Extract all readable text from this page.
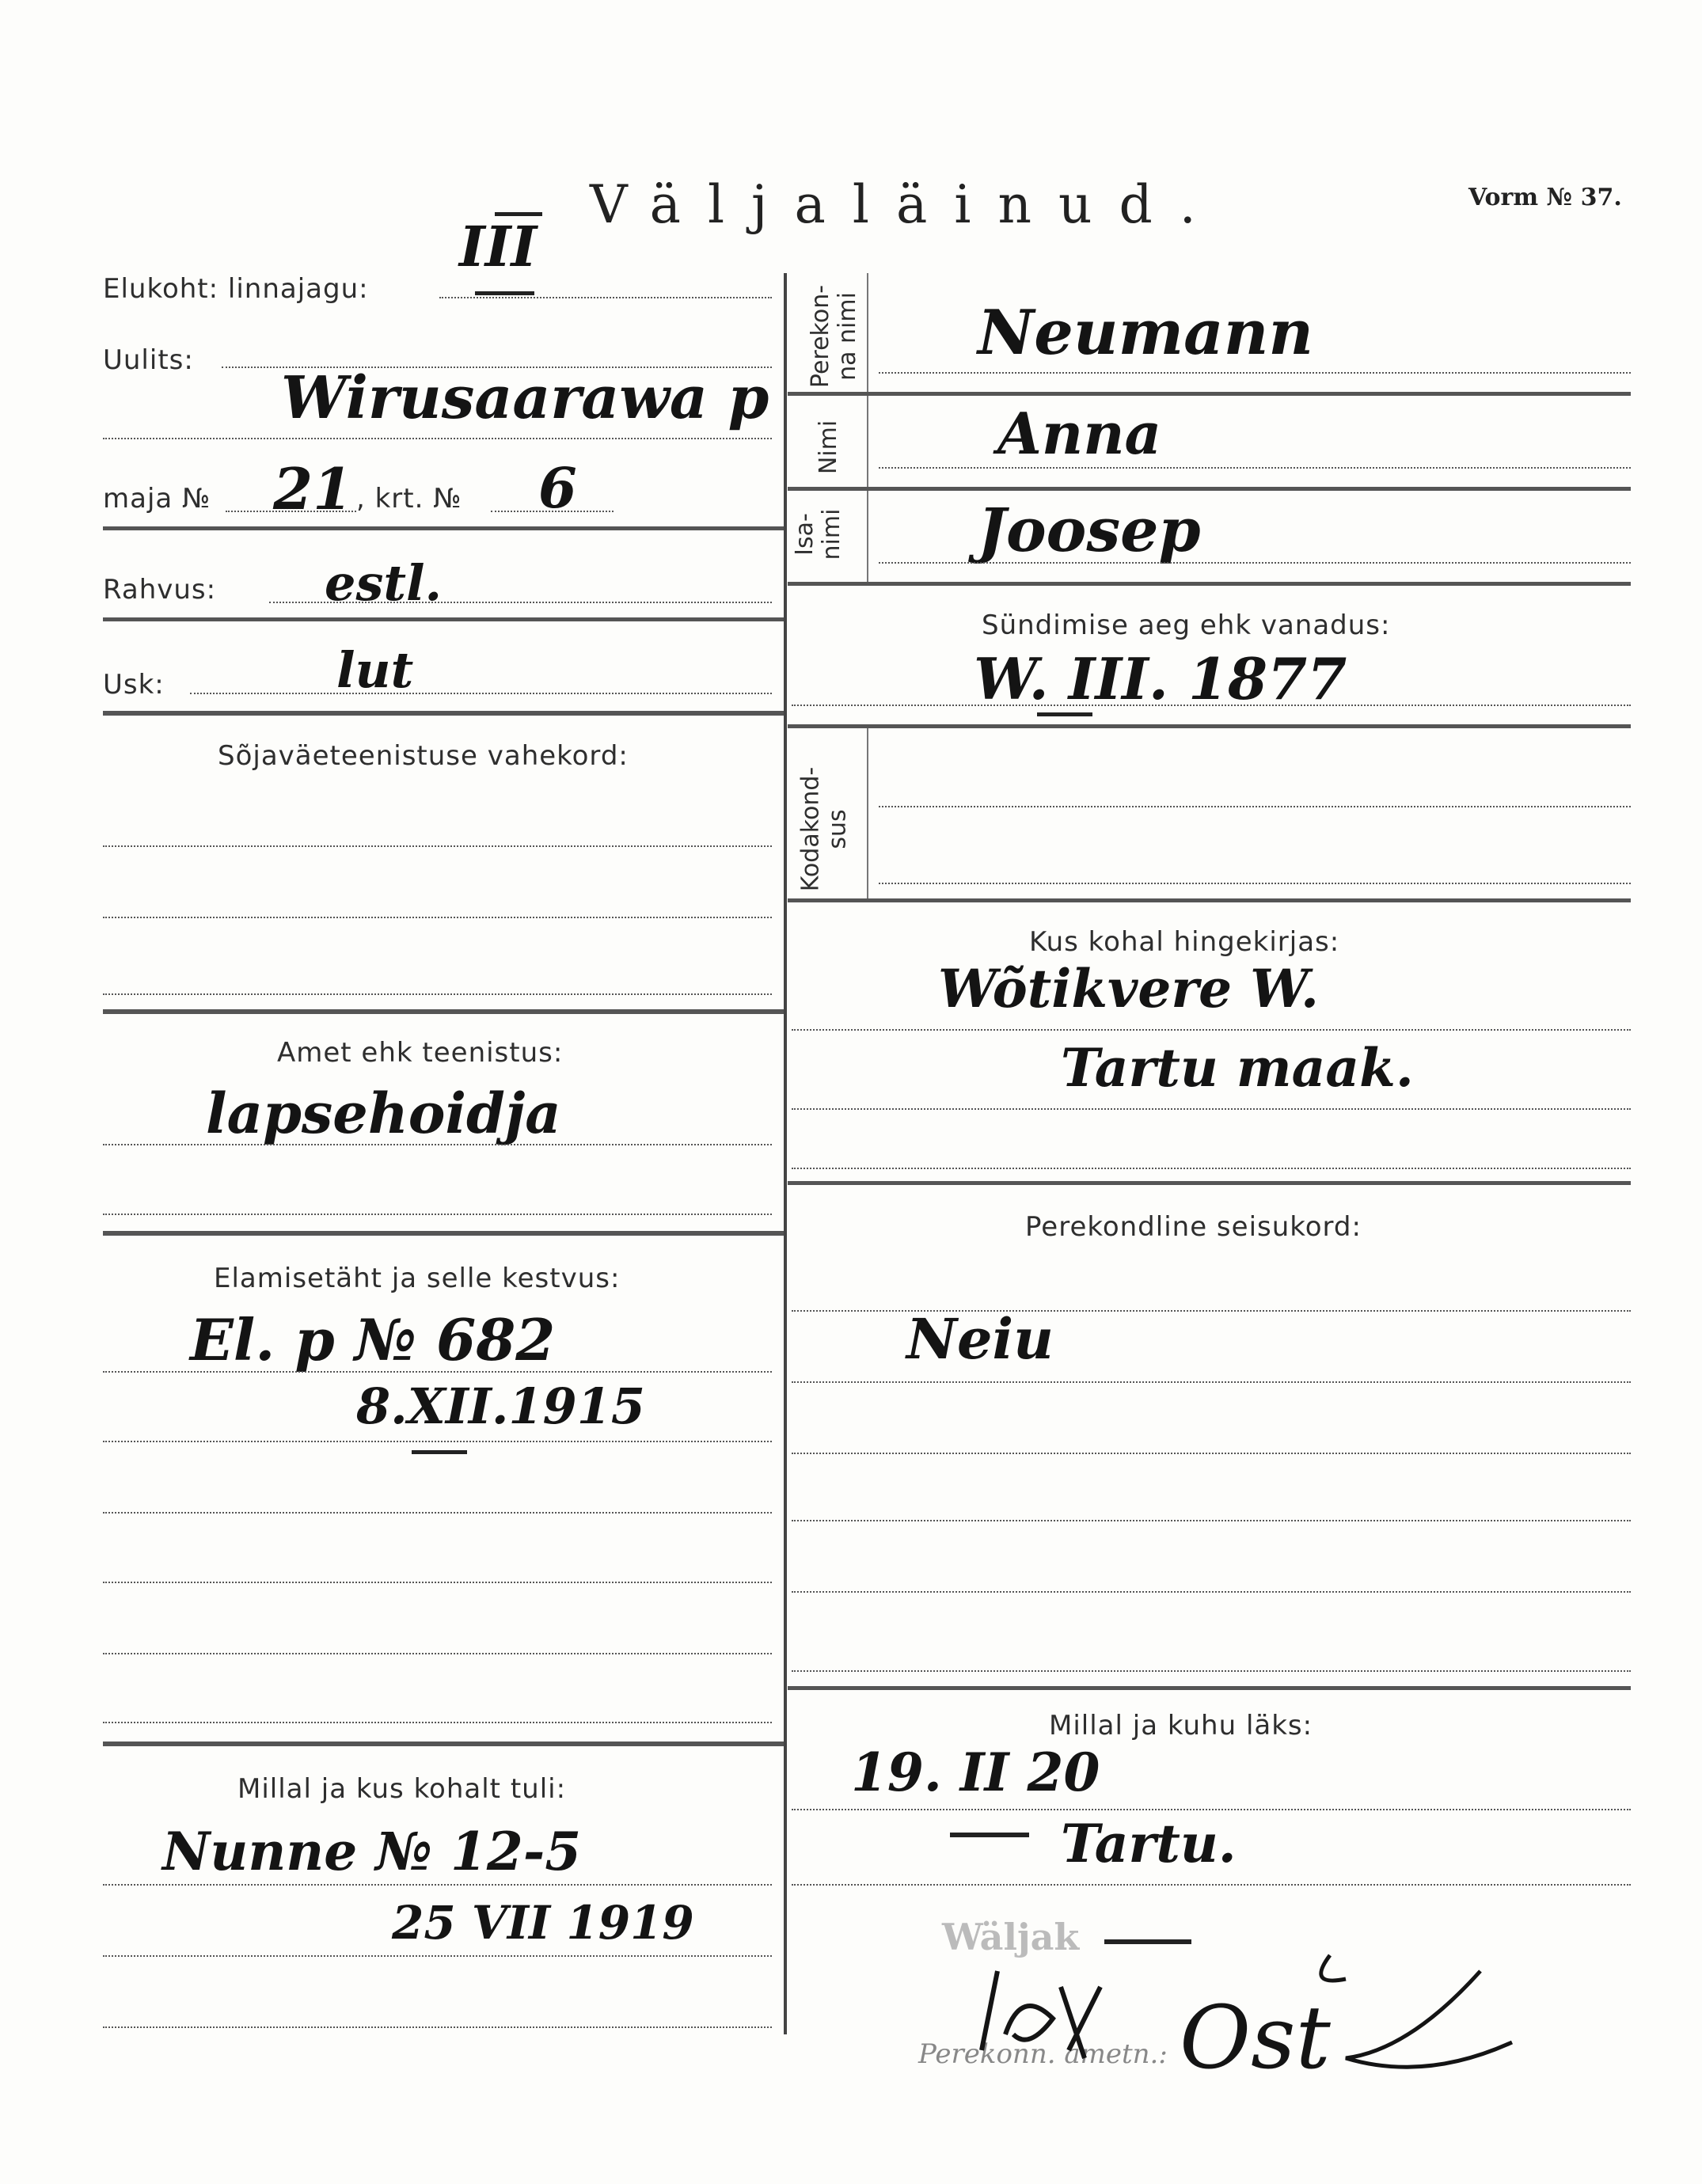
Väljaläinud.	Vorm № 37.
Elukoht: linnajagu:
III
Uulits:
Wirusaarawa p
maja № 21 , krt. № 6
Rahvus: estl.
Usk:	lut
Sõjaväeteenistuse vahekord:
Amet ehk teenistus:
lapsehoidja
Elamisetäht ja selle kestvus:
El. p № 682
8.XII.1915
Millal ja kus kohalt tuli:
Nunne № 12-5
25 VII 1919
Perekon-
na nimi Neumann
Nimi	Anna
Isa-
nimi Joosep
Sündimise aeg ehk vanadus:
W. III. 1877
Kodakond-
sus
Kus kohal hingekirjas:
Wõtikvere W.
Tartu maak.
Perekondline seisukord:
Neiu
Millal ja kuhu läks:
19. II 20
Tartu.
Wäljak
Perekonn. ametn.: Ost
